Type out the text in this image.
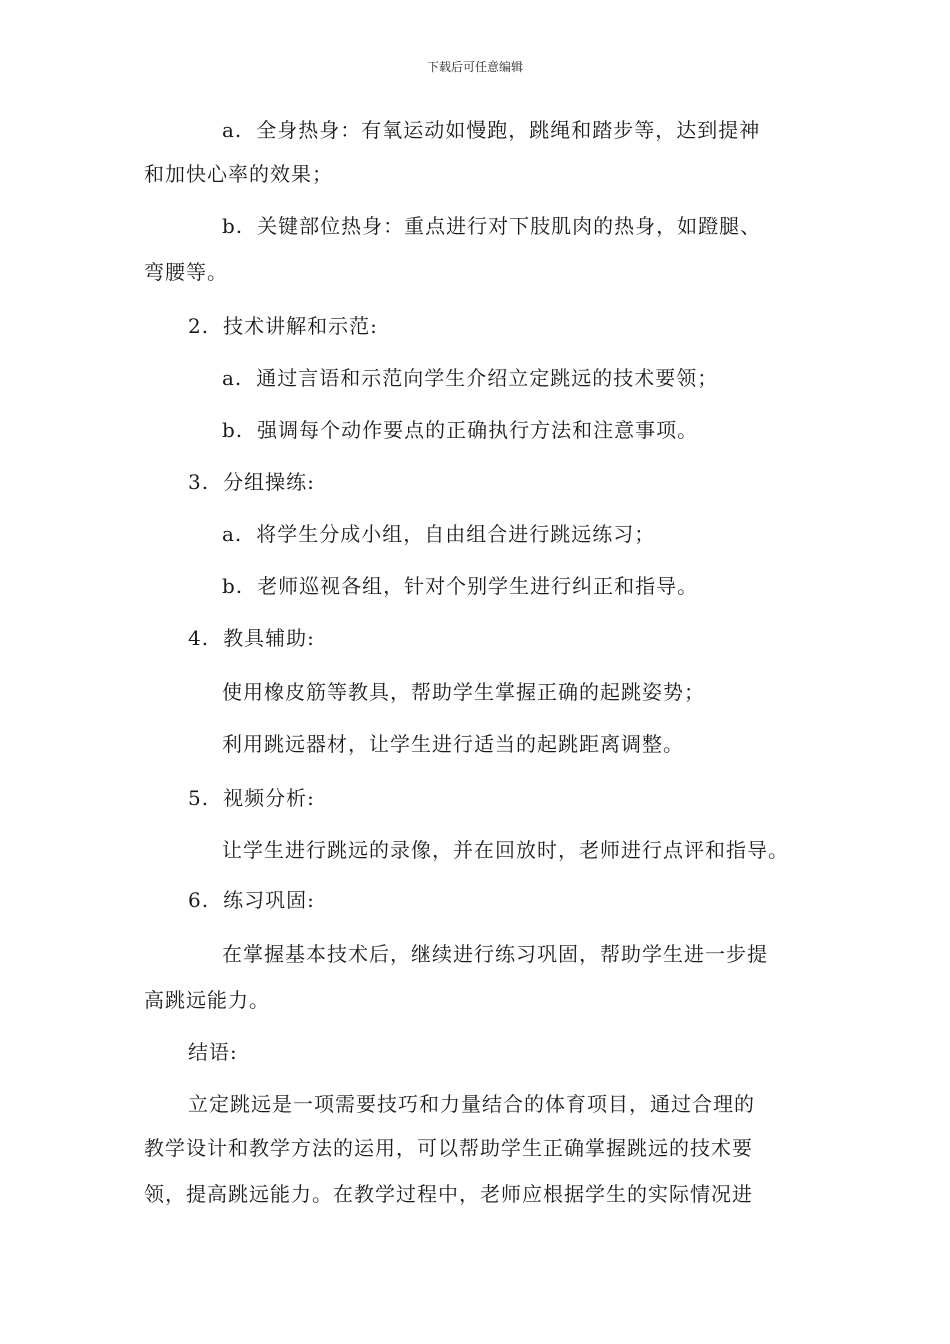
下载后可任意编辑
a. 全身热身：有氧运动如慢跑，跳绳和踏步等，达到提神
和加快心率的效果；
b. 关键部位热身：重点进行对下肢肌肉的热身，如蹬腿、
弯腰等。
2. 技术讲解和示范:
a. 通过言语和示范向学生介绍立定跳远的技术要领；
b. 强调每个动作要点的正确执行方法和注意事项。
3. 分组操练:
a. 将学生分成小组，自由组合进行跳远练习；
b. 老师巡视各组，针对个别学生进行纠正和指导。
4. 教具辅助:
使用橡皮筋等教具，帮助学生掌握正确的起跳姿势；
利用跳远器材，让学生进行适当的起跳距离调整。
5. 视频分析:
让学生进行跳远的录像，并在回放时，老师进行点评和指导。
6. 练习巩固:
在掌握基本技术后，继续进行练习巩固，帮助学生进一步提
高跳远能力。
结语:
立定跳远是一项需要技巧和力量结合的体育项目，通过合理的
教学设计和教学方法的运用，可以帮助学生正确掌握跳远的技术要
领，提高跳远能力。在教学过程中，老师应根据学生的实际情况进
